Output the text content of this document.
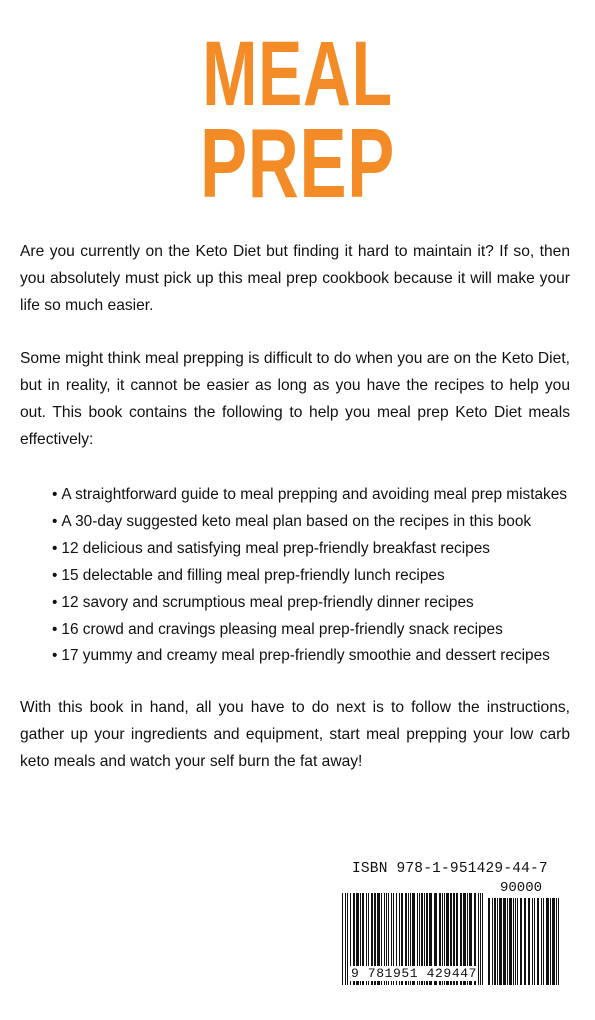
MEAL
PREP

Are you currently on the Keto Diet but finding it hard to maintain it? If so, then you absolutely must pick up this meal prep cookbook because it will make your life so much easier.

Some might think meal prepping is difficult to do when you are on the Keto Diet, but in reality, it cannot be easier as long as you have the recipes to help you out. This book contains the following to help you meal prep Keto Diet meals effectively:

• A straightforward guide to meal prepping and avoiding meal prep mistakes
• A 30-day suggested keto meal plan based on the recipes in this book
• 12 delicious and satisfying meal prep-friendly breakfast recipes
• 15 delectable and filling meal prep-friendly lunch recipes
• 12 savory and scrumptious meal prep-friendly dinner recipes
• 16 crowd and cravings pleasing meal prep-friendly snack recipes
• 17 yummy and creamy meal prep-friendly smoothie and dessert recipes

With this book in hand, all you have to do next is to follow the instructions, gather up your ingredients and equipment, start meal prepping your low carb keto meals and watch your self burn the fat away!

ISBN 978-1-951429-44-7
90000
9 781951 429447
